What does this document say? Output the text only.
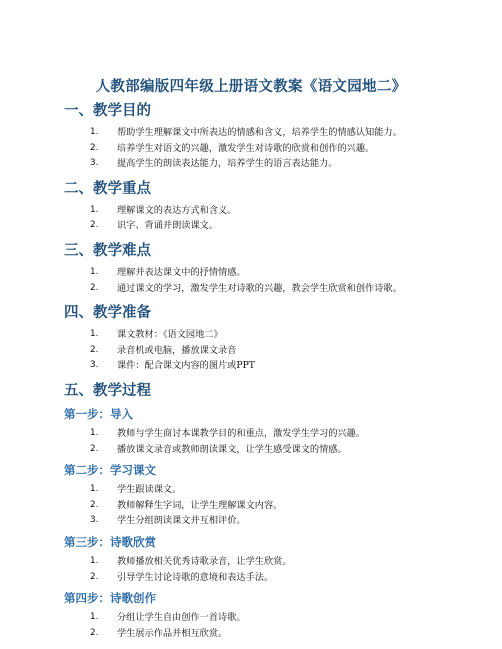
人教部编版四年级上册语文教案《语文园地二》
一、教学目的
1.	帮助学生理解课文中所表达的情感和含义，培养学生的情感认知能力。
2.	培养学生对语文的兴趣，激发学生对诗歌的欣赏和创作的兴趣。
3.	提高学生的朗读表达能力，培养学生的语言表达能力。
二、教学重点
1.	理解课文的表达方式和含义。
2.	识字、背诵并朗读课文。
三、教学难点
1.	理解并表达课文中的抒情情感。
2.	通过课文的学习，激发学生对诗歌的兴趣，教会学生欣赏和创作诗歌。
四、教学准备
1.	课文教材：《语文园地二》
2.	录音机或电脑，播放课文录音
3.	课件：配合课文内容的图片或PPT
五、教学过程
第一步：导入
1.	教师与学生商讨本课教学目的和重点，激发学生学习的兴趣。
2.	播放课文录音或教师朗读课文，让学生感受课文的情感。
第二步：学习课文
1.	学生跟读课文。
2.	教师解释生字词，让学生理解课文内容。
3.	学生分组朗读课文并互相评价。
第三步：诗歌欣赏
1.	教师播放相关优秀诗歌录音，让学生欣赏。
2.	引导学生讨论诗歌的意境和表达手法。
第四步：诗歌创作
1.	分组让学生自由创作一首诗歌。
2.	学生展示作品并相互欣赏。
